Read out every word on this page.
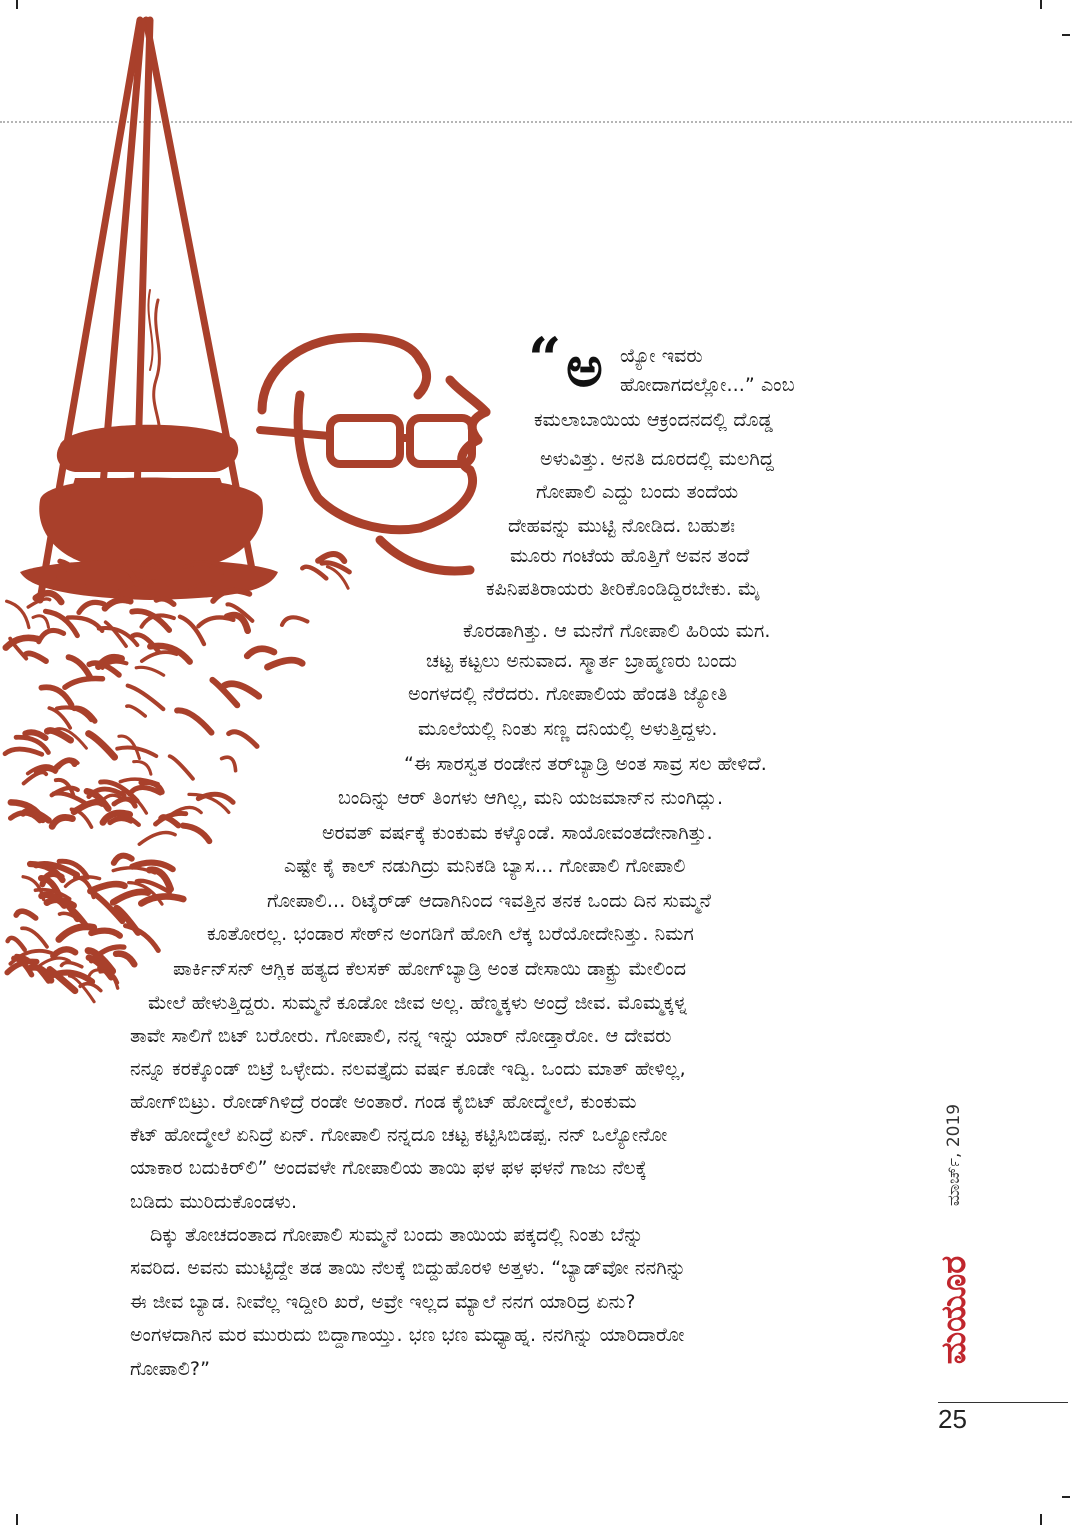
“ ಅ ಯ್ಯೋ ಇವರು
ಹೋದಾಗದಲ್ಲೋ...” ಎಂಬ
ಕಮಲಾಬಾಯಿಯ ಆಕ್ರಂದನದಲ್ಲಿ ದೊಡ್ಡ
ಅಳುವಿತ್ತು. ಅನತಿ ದೂರದಲ್ಲಿ ಮಲಗಿದ್ದ
ಗೋಪಾಲಿ ಎದ್ದು ಬಂದು ತಂದೆಯ
ದೇಹವನ್ನು ಮುಟ್ಟಿ ನೋಡಿದ. ಬಹುಶಃ
ಮೂರು ಗಂಟೆಯ ಹೊತ್ತಿಗೆ ಅವನ ತಂದೆ
ಕಪಿನಿಪತಿರಾಯರು ತೀರಿಕೊಂಡಿದ್ದಿರಬೇಕು. ಮೈ
ಕೊರಡಾಗಿತ್ತು. ಆ ಮನೆಗೆ ಗೋಪಾಲಿ ಹಿರಿಯ ಮಗ.
ಚಟ್ಟ ಕಟ್ಟಲು ಅನುವಾದ. ಸ್ಮಾರ್ತ ಬ್ರಾಹ್ಮಣರು ಬಂದು
ಅಂಗಳದಲ್ಲಿ ನೆರೆದರು. ಗೋಪಾಲಿಯ ಹೆಂಡತಿ ಜ್ಯೋತಿ
ಮೂಲೆಯಲ್ಲಿ ನಿಂತು ಸಣ್ಣ ದನಿಯಲ್ಲಿ ಅಳುತ್ತಿದ್ದಳು.
“ಈ ಸಾರಸ್ವತ ರಂಡೇನ ತರ್‌ಬ್ಯಾಡ್ರಿ ಅಂತ ಸಾವ್ರ ಸಲ ಹೇಳಿದೆ.
ಬಂದಿನ್ನು ಆರ್ ತಿಂಗಳು ಆಗಿಲ್ಲ, ಮನಿ ಯಜಮಾನ್‌ನ ನುಂಗಿದ್ಲು.
ಅರವತ್ ವರ್ಷಕ್ಕೆ ಕುಂಕುಮ ಕಳ್ಕೊಂಡೆ. ಸಾಯೋವಂತದೇನಾಗಿತ್ತು.
ಎಷ್ಟೇ ಕೈ ಕಾಲ್ ನಡುಗಿದ್ರು ಮನಿಕಡಿ ಬ್ಯಾಸ... ಗೋಪಾಲಿ ಗೋಪಾಲಿ
ಗೋಪಾಲಿ... ರಿಟೈರ್‌ಡ್ ಆದಾಗಿನಿಂದ ಇವತ್ತಿನ ತನಕ ಒಂದು ದಿನ ಸುಮ್ಮನೆ
ಕೂತೋರಲ್ಲ. ಭಂಡಾರ ಸೇಠ್‌ನ ಅಂಗಡಿಗೆ ಹೋಗಿ ಲೆಕ್ಕ ಬರೆಯೋದೇನಿತ್ತು. ನಿಮಗ
ಪಾರ್ಕಿನ್‌ಸನ್ ಆಗ್ಲಿಕ ಹತ್ಯದ ಕೆಲಸಕ್ ಹೋಗ್‌ಬ್ಯಾಡ್ರಿ ಅಂತ ದೇಸಾಯಿ ಡಾಕ್ಟ್ರು ಮೇಲಿಂದ
ಮೇಲೆ ಹೇಳುತ್ತಿದ್ದರು. ಸುಮ್ಮನೆ ಕೂಡೋ ಜೀವ ಅಲ್ಲ. ಹೆಣ್ಮಕ್ಕಳು ಅಂದ್ರೆ ಜೀವ. ಮೊಮ್ಮಕ್ಕಳ್ನ
ತಾವೇ ಸಾಲಿಗೆ ಬಿಟ್ ಬರೋರು. ಗೋಪಾಲಿ, ನನ್ನ ಇನ್ನು ಯಾರ್ ನೋಡ್ತಾರೋ. ಆ ದೇವರು
ನನ್ನೂ ಕರಕ್ಕೊಂಡ್ ಬಿಟ್ರೆ ಒಳ್ಳೇದು. ನಲವತ್ತೈದು ವರ್ಷ ಕೂಡೇ ಇದ್ವಿ. ಒಂದು ಮಾತ್ ಹೇಳಿಲ್ಲ,
ಹೋಗ್‌ಬಿಟ್ರು. ರೋಡ್‌ಗಿಳಿದ್ರೆ ರಂಡೇ ಅಂತಾರೆ. ಗಂಡ ಕೈಬಿಟ್ ಹೋದ್ಮೇಲೆ, ಕುಂಕುಮ
ಕೆಟ್ ಹೋದ್ಮೇಲೆ ಏನಿದ್ರೆ ಏನ್. ಗೋಪಾಲಿ ನನ್ನದೂ ಚಟ್ಟ ಕಟ್ಟಿಸಿಬಿಡಪ್ಪ. ನನ್ ಒಲ್ಯೋನೋ
ಯಾಕಾರ ಬದುಕಿರ್‌ಲಿ” ಅಂದವಳೇ ಗೋಪಾಲಿಯ ತಾಯಿ ಫಳ ಫಳ ಫಳನೆ ಗಾಜು ನೆಲಕ್ಕೆ
ಬಡಿದು ಮುರಿದುಕೊಂಡಳು.
ದಿಕ್ಕು ತೋಚದಂತಾದ ಗೋಪಾಲಿ ಸುಮ್ಮನೆ ಬಂದು ತಾಯಿಯ ಪಕ್ಕದಲ್ಲಿ ನಿಂತು ಬೆನ್ನು
ಸವರಿದ. ಅವನು ಮುಟ್ಟಿದ್ದೇ ತಡ ತಾಯಿ ನೆಲಕ್ಕೆ ಬಿದ್ದುಹೊರಳಿ ಅತ್ತಳು. “ಬ್ಯಾಡ್‌ವೋ ನನಗಿನ್ನು
ಈ ಜೀವ ಬ್ಯಾಡ. ನೀವೆಲ್ಲ ಇದ್ದೀರಿ ಖರೆ, ಅವ್ರೇ ಇಲ್ಲದ ಮ್ಯಾಲೆ ನನಗ ಯಾರಿದ್ರ ಏನು?
ಅಂಗಳದಾಗಿನ ಮರ ಮುರುದು ಬಿದ್ದಾಗಾಯ್ತು. ಭಣ ಭಣ ಮಧ್ಯಾಹ್ನ. ನನಗಿನ್ನು ಯಾರಿದಾರೋ
ಗೋಪಾಲಿ?”
ಮಾರ್ಚ್, 2019
ಮಯೂರ
25
